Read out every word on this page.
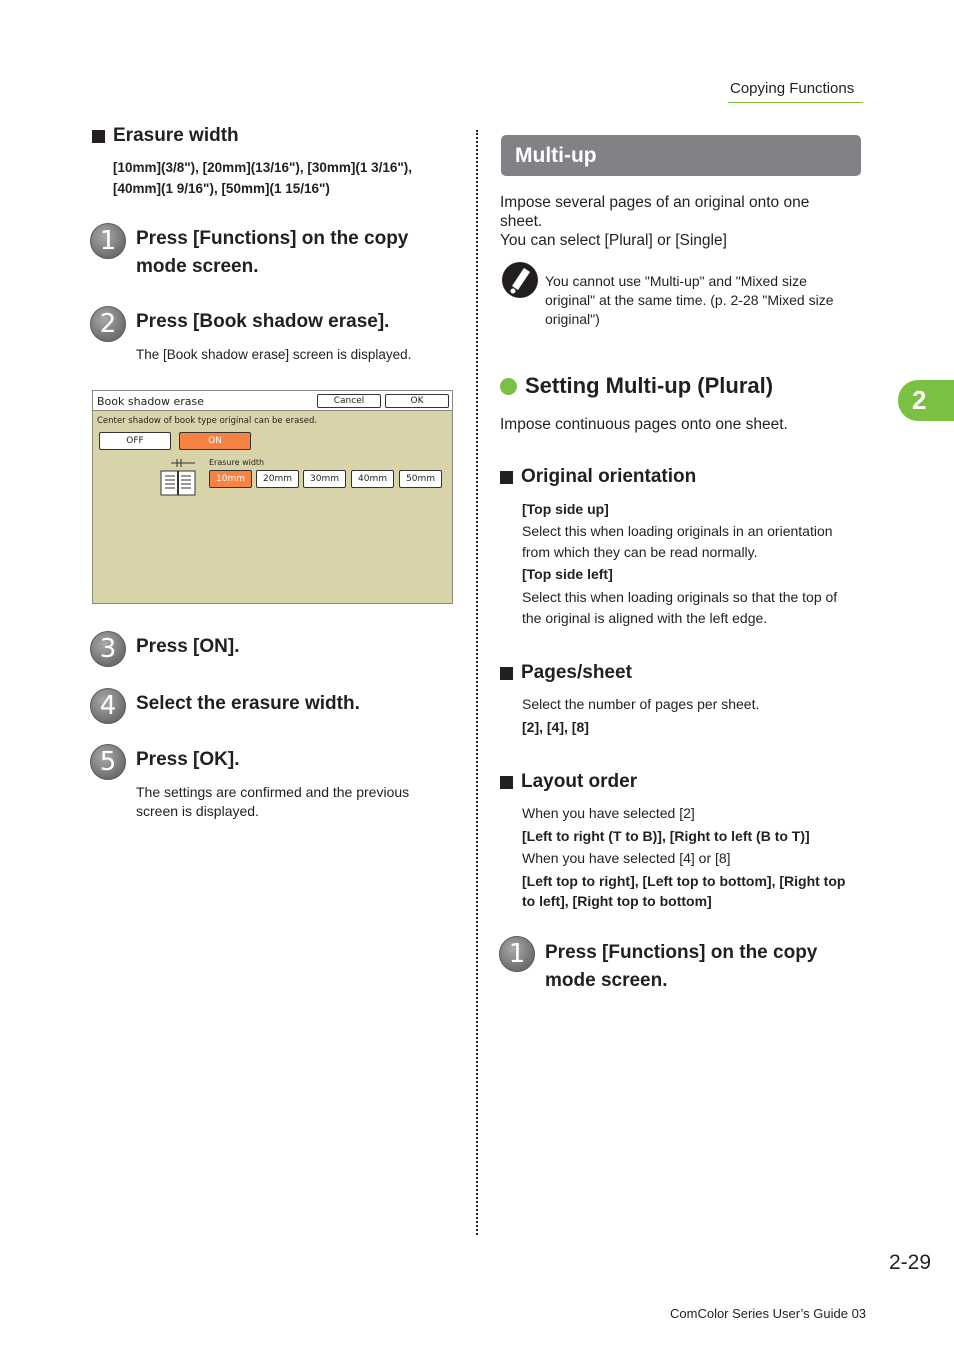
Copying Functions
2
Erasure width
[10mm](3/8"), [20mm](13/16"), [30mm](1 3/16"),
[40mm](1 9/16"), [50mm](1 15/16")
1	Press [Functions] on the copy
mode screen.
2	Press [Book shadow erase].
The [Book shadow erase] screen is displayed.
Book shadow erase	Cancel	OK
Center shadow of book type original can be erased.
OFF	ON
Erasure width
10mm	20mm	30mm	40mm	50mm
3	Press [ON].
4	Select the erasure width.
5	Press [OK].
The settings are confirmed and the previous
screen is displayed.
Multi-up
Impose several pages of an original onto one
sheet.
You can select [Plural] or [Single]
You cannot use "Multi-up" and "Mixed size
original" at the same time. (p. 2-28 "Mixed size
original")
Setting Multi-up (Plural)
Impose continuous pages onto one sheet.
Original orientation
[Top side up]
Select this when loading originals in an orientation
from which they can be read normally.
[Top side left]
Select this when loading originals so that the top of
the original is aligned with the left edge.
Pages/sheet
Select the number of pages per sheet.
[2], [4], [8]
Layout order
When you have selected [2]
[Left to right (T to B)], [Right to left (B to T)]
When you have selected [4] or [8]
[Left top to right], [Left top to bottom], [Right top
to left], [Right top to bottom]
1	Press [Functions] on the copy
mode screen.
2-29
ComColor Series User’s Guide 03
